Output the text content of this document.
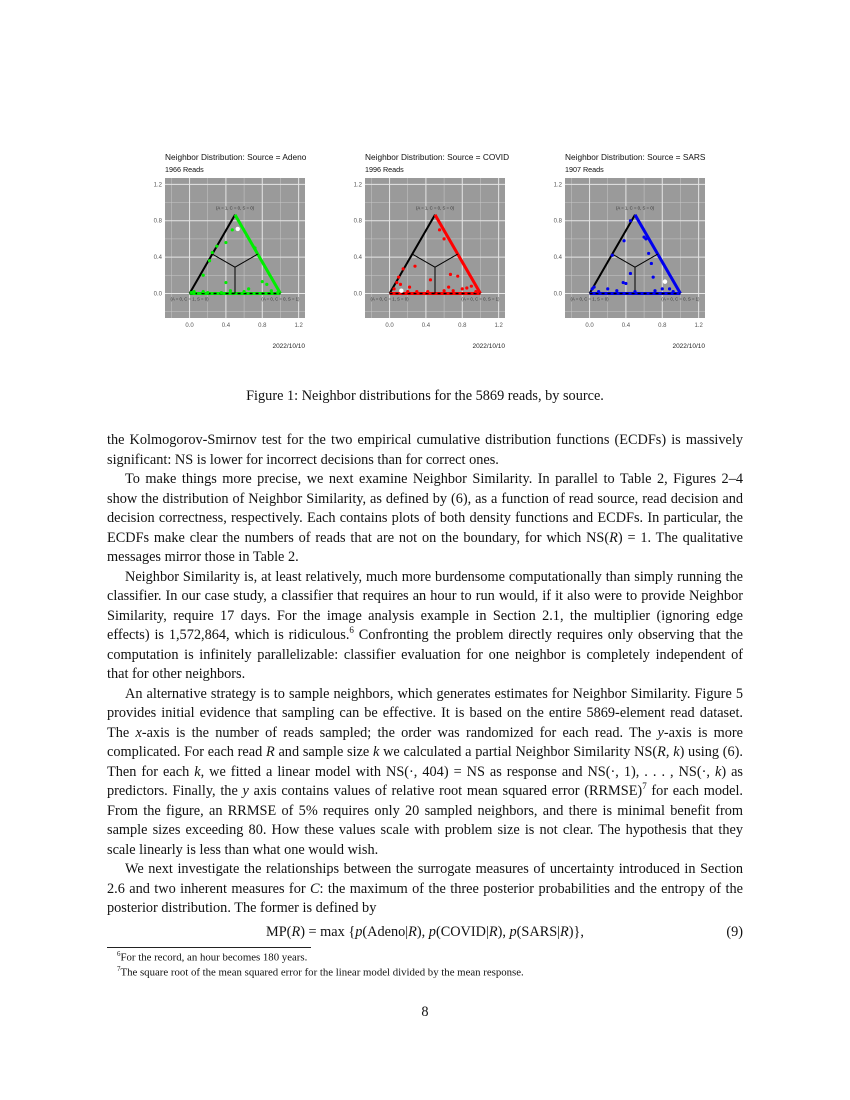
Neighbor Distribution: Source = Adeno
1966 Reads
0.0
0.0
0.4
0.4
0.8
0.8
1.2
1.2
(A = 1, C = 0, S = 0)
(A = 0, C = 1, S = 0)	(A = 0, C = 0, S = 1)
2022/10/10
Neighbor Distribution: Source = COVID
1996 Reads
0.0
0.0
0.4
0.4
0.8
0.8
1.2
1.2
(A = 1, C = 0, S = 0)
(A = 0, C = 1, S = 0)	(A = 0, C = 0, S = 1)
2022/10/10
Neighbor Distribution: Source = SARS
1907 Reads
0.0
0.0
0.4
0.4
0.8
0.8
1.2
1.2
(A = 1, C = 0, S = 0)
(A = 0, C = 1, S = 0)	(A = 0, C = 0, S = 1)
2022/10/10
Figure 1: Neighbor distributions for the 5869 reads, by source.

the Kolmogorov-Smirnov test for the two empirical cumulative distribution functions (ECDFs) is massively significant: NS is lower for incorrect decisions than for correct ones.

To make things more precise, we next examine Neighbor Similarity. In parallel to Table 2, Figures 2–4 show the distribution of Neighbor Similarity, as defined by (6), as a function of read source, read decision and decision correctness, respectively. Each contains plots of both density functions and ECDFs. In particular, the ECDFs make clear the numbers of reads that are not on the boundary, for which NS(R) = 1. The qualitative messages mirror those in Table 2.

Neighbor Similarity is, at least relatively, much more burdensome computationally than simply running the classifier. In our case study, a classifier that requires an hour to run would, if it also were to provide Neighbor Similarity, require 17 days. For the image analysis example in Section 2.1, the multiplier (ignoring edge effects) is 1,572,864, which is ridiculous.$^6$ Confronting the problem directly requires only observing that the computation is infinitely parallelizable: classifier evaluation for one neighbor is completely independent of that for other neighbors.

An alternative strategy is to sample neighbors, which generates estimates for Neighbor Similarity. Figure 5 provides initial evidence that sampling can be effective. It is based on the entire 5869-element read dataset. The x-axis is the number of reads sampled; the order was randomized for each read. The y-axis is more complicated. For each read R and sample size k we calculated a partial Neighbor Similarity NS(R, k) using (6). Then for each k, we fitted a linear model with NS(·, 404) = NS as response and NS(·, 1), . . . , NS(·, k) as predictors. Finally, the y axis contains values of relative root mean squared error (RRMSE)$^7$ for each model. From the figure, an RRMSE of 5% requires only 20 sampled neighbors, and there is minimal benefit from sample sizes exceeding 80. How these values scale with problem size is not clear. The hypothesis that they scale linearly is less than what one would wish.

We next investigate the relationships between the surrogate measures of uncertainty introduced in Section 2.6 and two inherent measures for C: the maximum of the three posterior probabilities and the entropy of the posterior distribution. The former is defined by

MP(R) = max {p(Adeno|R), p(COVID|R), p(SARS|R)},	(9)
$^6$For the record, an hour becomes 180 years.
$^7$The square root of the mean squared error for the linear model divided by the mean response.
8
